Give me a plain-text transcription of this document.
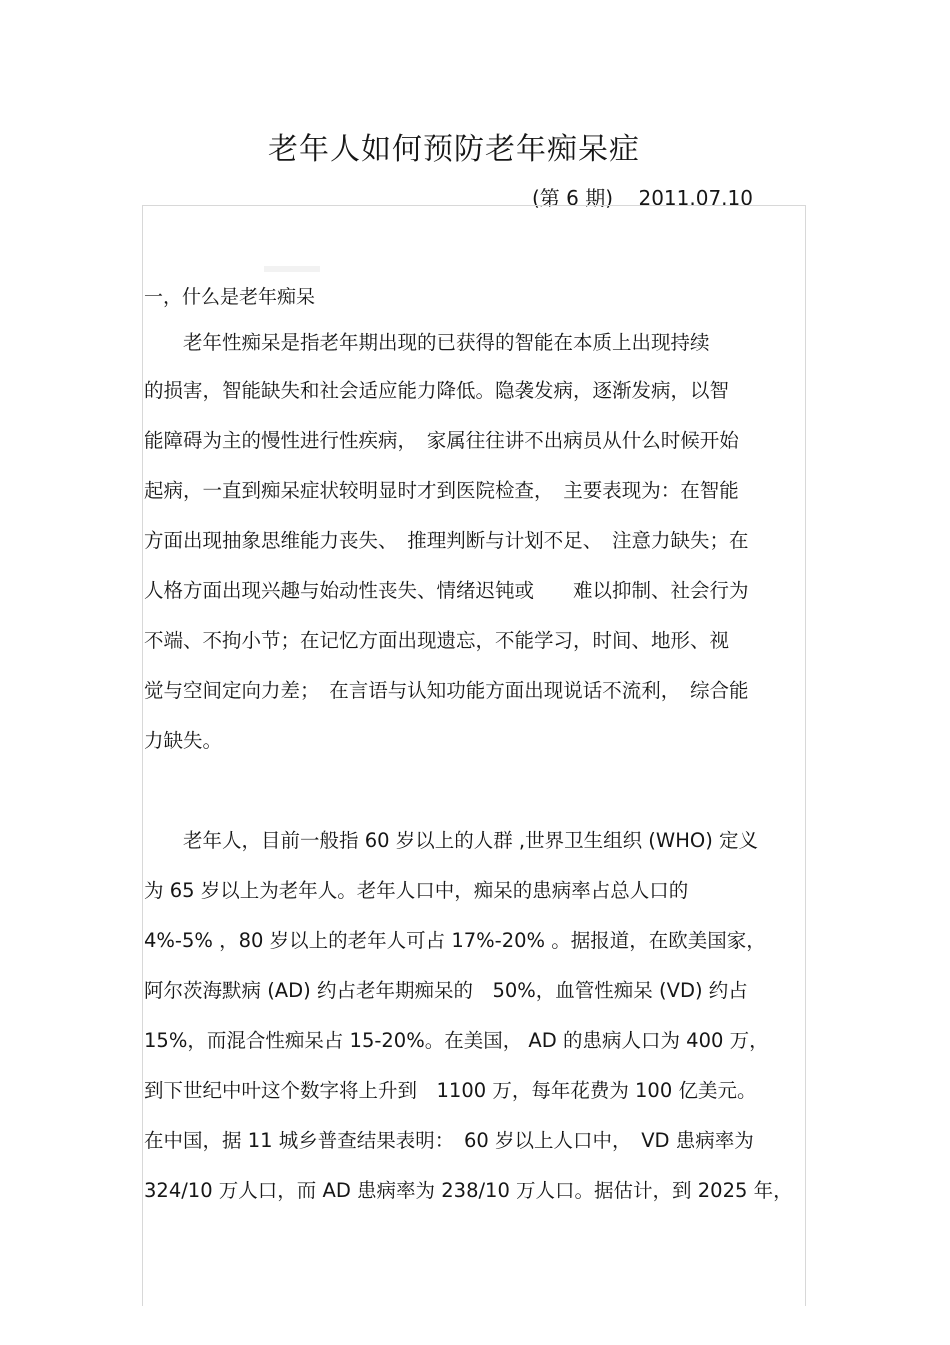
老年人如何预防老年痴呆症
(第 6 期)    2011.07.10
一，什么是老年痴呆
　　老年性痴呆是指老年期出现的已获得的智能在本质上出现持续
的损害，智能缺失和社会适应能力降低。隐袭发病，逐渐发病，以智
能障碍为主的慢性进行性疾病，　家属往往讲不出病员从什么时候开始
起病，一直到痴呆症状较明显时才到医院检查，　主要表现为：在智能
方面出现抽象思维能力丧失、　推理判断与计划不足、　注意力缺失；在
人格方面出现兴趣与始动性丧失、情绪迟钝或　　难以抑制、社会行为
不端、不拘小节；在记忆方面出现遗忘，不能学习，时间、地形、视
觉与空间定向力差；　在言语与认知功能方面出现说话不流利，　综合能
力缺失。
　　老年人，目前一般指 60 岁以上的人群 ,世界卫生组织 (WHO) 定义
为 65 岁以上为老年人。老年人口中，痴呆的患病率占总人口的
4%-5% ，80 岁以上的老年人可占 17%-20% 。据报道，在欧美国家，
阿尔茨海默病 (AD) 约占老年期痴呆的　50%，血管性痴呆 (VD) 约占
15%，而混合性痴呆占 15-20%。在美国， AD 的患病人口为 400 万，
到下世纪中叶这个数字将上升到　1100 万，每年花费为 100 亿美元。
在中国，据 11 城乡普查结果表明：　60 岁以上人口中，　VD 患病率为
324/10 万人口，而 AD 患病率为 238/10 万人口。据估计，到 2025 年，
